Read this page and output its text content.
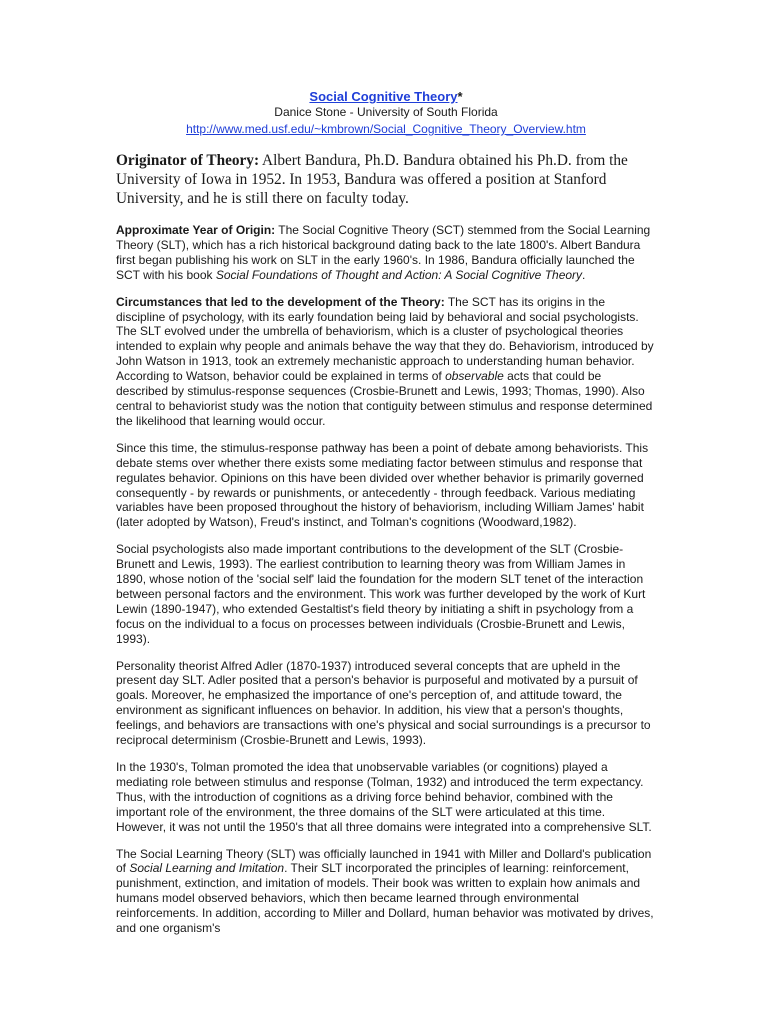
Social Cognitive Theory*
Danice Stone - University of South Florida
http://www.med.usf.edu/~kmbrown/Social_Cognitive_Theory_Overview.htm

Originator of Theory: Albert Bandura, Ph.D. Bandura obtained his Ph.D. from the University of Iowa in 1952. In 1953, Bandura was offered a position at Stanford University, and he is still there on faculty today.

Approximate Year of Origin: The Social Cognitive Theory (SCT) stemmed from the Social Learning Theory (SLT), which has a rich historical background dating back to the late 1800's. Albert Bandura first began publishing his work on SLT in the early 1960's. In 1986, Bandura officially launched the SCT with his book Social Foundations of Thought and Action: A Social Cognitive Theory.

Circumstances that led to the development of the Theory: The SCT has its origins in the discipline of psychology, with its early foundation being laid by behavioral and social psychologists. The SLT evolved under the umbrella of behaviorism, which is a cluster of psychological theories intended to explain why people and animals behave the way that they do. Behaviorism, introduced by John Watson in 1913, took an extremely mechanistic approach to understanding human behavior. According to Watson, behavior could be explained in terms of observable acts that could be described by stimulus-response sequences (Crosbie-Brunett and Lewis, 1993; Thomas, 1990). Also central to behaviorist study was the notion that contiguity between stimulus and response determined the likelihood that learning would occur.

Since this time, the stimulus-response pathway has been a point of debate among behaviorists. This debate stems over whether there exists some mediating factor between stimulus and response that regulates behavior. Opinions on this have been divided over whether behavior is primarily governed consequently - by rewards or punishments, or antecedently - through feedback. Various mediating variables have been proposed throughout the history of behaviorism, including William James' habit (later adopted by Watson), Freud's instinct, and Tolman's cognitions (Woodward,1982).

Social psychologists also made important contributions to the development of the SLT (Crosbie-Brunett and Lewis, 1993). The earliest contribution to learning theory was from William James in 1890, whose notion of the 'social self' laid the foundation for the modern SLT tenet of the interaction between personal factors and the environment. This work was further developed by the work of Kurt Lewin (1890-1947), who extended Gestaltist's field theory by initiating a shift in psychology from a focus on the individual to a focus on processes between individuals (Crosbie-Brunett and Lewis, 1993).

Personality theorist Alfred Adler (1870-1937) introduced several concepts that are upheld in the present day SLT. Adler posited that a person's behavior is purposeful and motivated by a pursuit of goals. Moreover, he emphasized the importance of one's perception of, and attitude toward, the environment as significant influences on behavior. In addition, his view that a person's thoughts, feelings, and behaviors are transactions with one's physical and social surroundings is a precursor to reciprocal determinism (Crosbie-Brunett and Lewis, 1993).

In the 1930's, Tolman promoted the idea that unobservable variables (or cognitions) played a mediating role between stimulus and response (Tolman, 1932) and introduced the term expectancy. Thus, with the introduction of cognitions as a driving force behind behavior, combined with the important role of the environment, the three domains of the SLT were articulated at this time. However, it was not until the 1950's that all three domains were integrated into a comprehensive SLT.

The Social Learning Theory (SLT) was officially launched in 1941 with Miller and Dollard's publication of Social Learning and Imitation. Their SLT incorporated the principles of learning: reinforcement, punishment, extinction, and imitation of models. Their book was written to explain how animals and humans model observed behaviors, which then became learned through environmental reinforcements. In addition, according to Miller and Dollard, human behavior was motivated by drives, and one organism's
